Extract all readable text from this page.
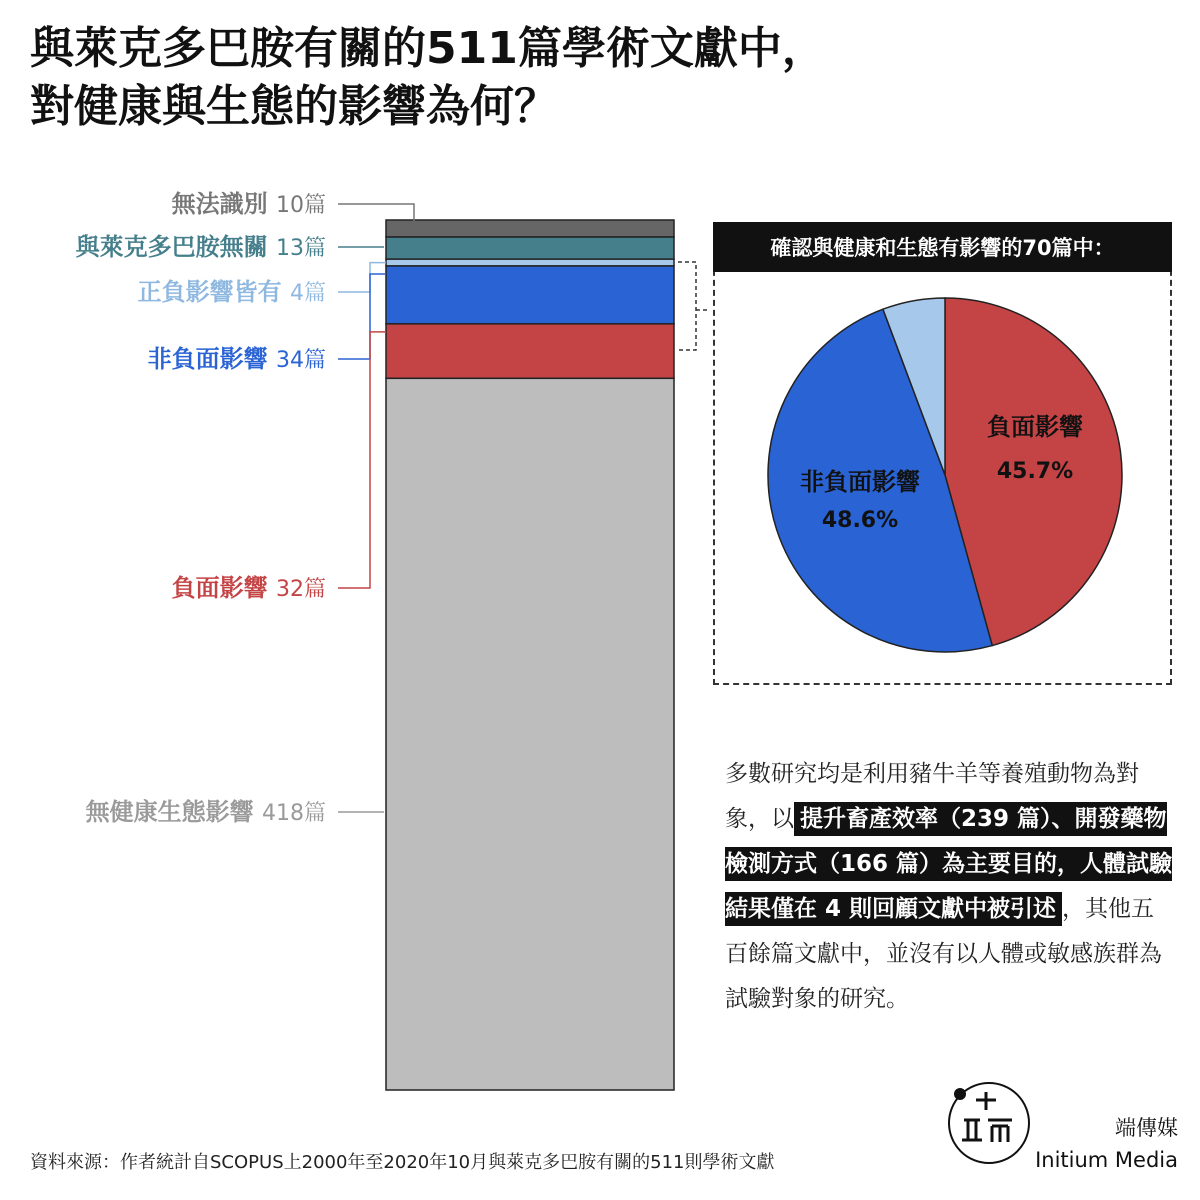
與萊克多巴胺有關的511篇學術文獻中，
對健康與生態的影響為何？
無法識別 10篇
與萊克多巴胺無關 13篇
正負影響皆有 4篇
非負面影響 34篇
負面影響 32篇
無健康生態影響 418篇
確認與健康和生態有影響的70篇中：
負面影響
45.7%
非負面影響
48.6%
多數研究均是利用豬牛羊等養殖動物為對象，以 提升畜產效率（239 篇）、開發藥物檢測方式（166 篇）為主要目的，人體試驗結果僅在 4 則回顧文獻中被引述 ，其他五百餘篇文獻中，並沒有以人體或敏感族群為試驗對象的研究。
資料來源：作者統計自SCOPUS上2000年至2020年10月與萊克多巴胺有關的511則學術文獻
端傳媒
Initium Media
